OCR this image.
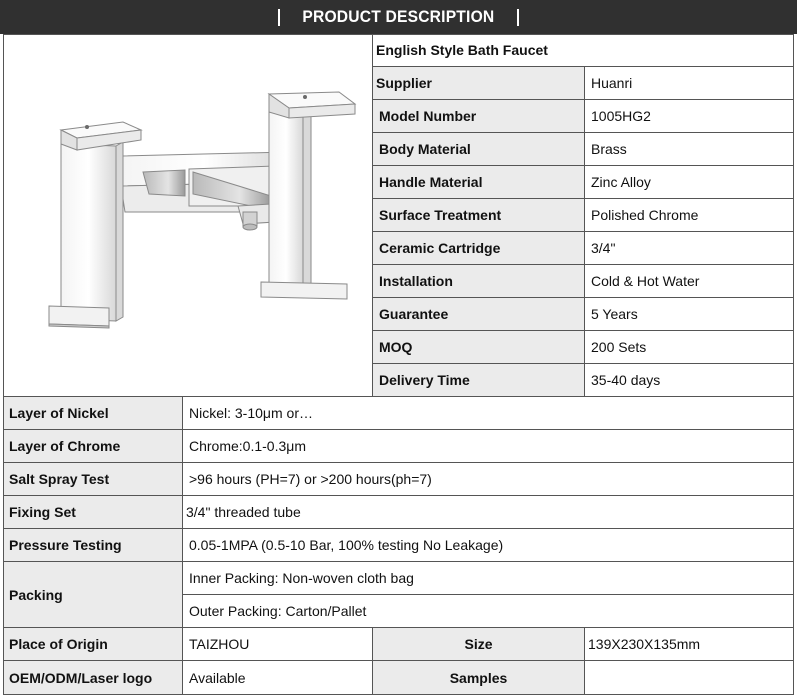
PRODUCT DESCRIPTION
English Style Bath Faucet
Supplier	Huanri
Model Number	1005HG2
Body Material	Brass
Handle Material	Zinc Alloy
Surface Treatment	Polished Chrome
Ceramic Cartridge	3/4"
Installation	Cold & Hot Water
Guarantee	5 Years
MOQ	200 Sets
Delivery Time	35-40 days
Layer of Nickel	Nickel: 3-10μm or…
Layer of Chrome	Chrome:0.1-0.3μm
Salt Spray Test	>96 hours (PH=7) or >200 hours(ph=7)
Fixing Set	3/4" threaded tube
Pressure Testing	0.05-1MPA (0.5-10 Bar, 100% testing No Leakage)
Packing
Inner Packing: Non-woven cloth bag
Outer Packing: Carton/Pallet
Place of Origin	TAIZHOU	Size	139X230X135mm
OEM/ODM/Laser logo	Available	Samples
